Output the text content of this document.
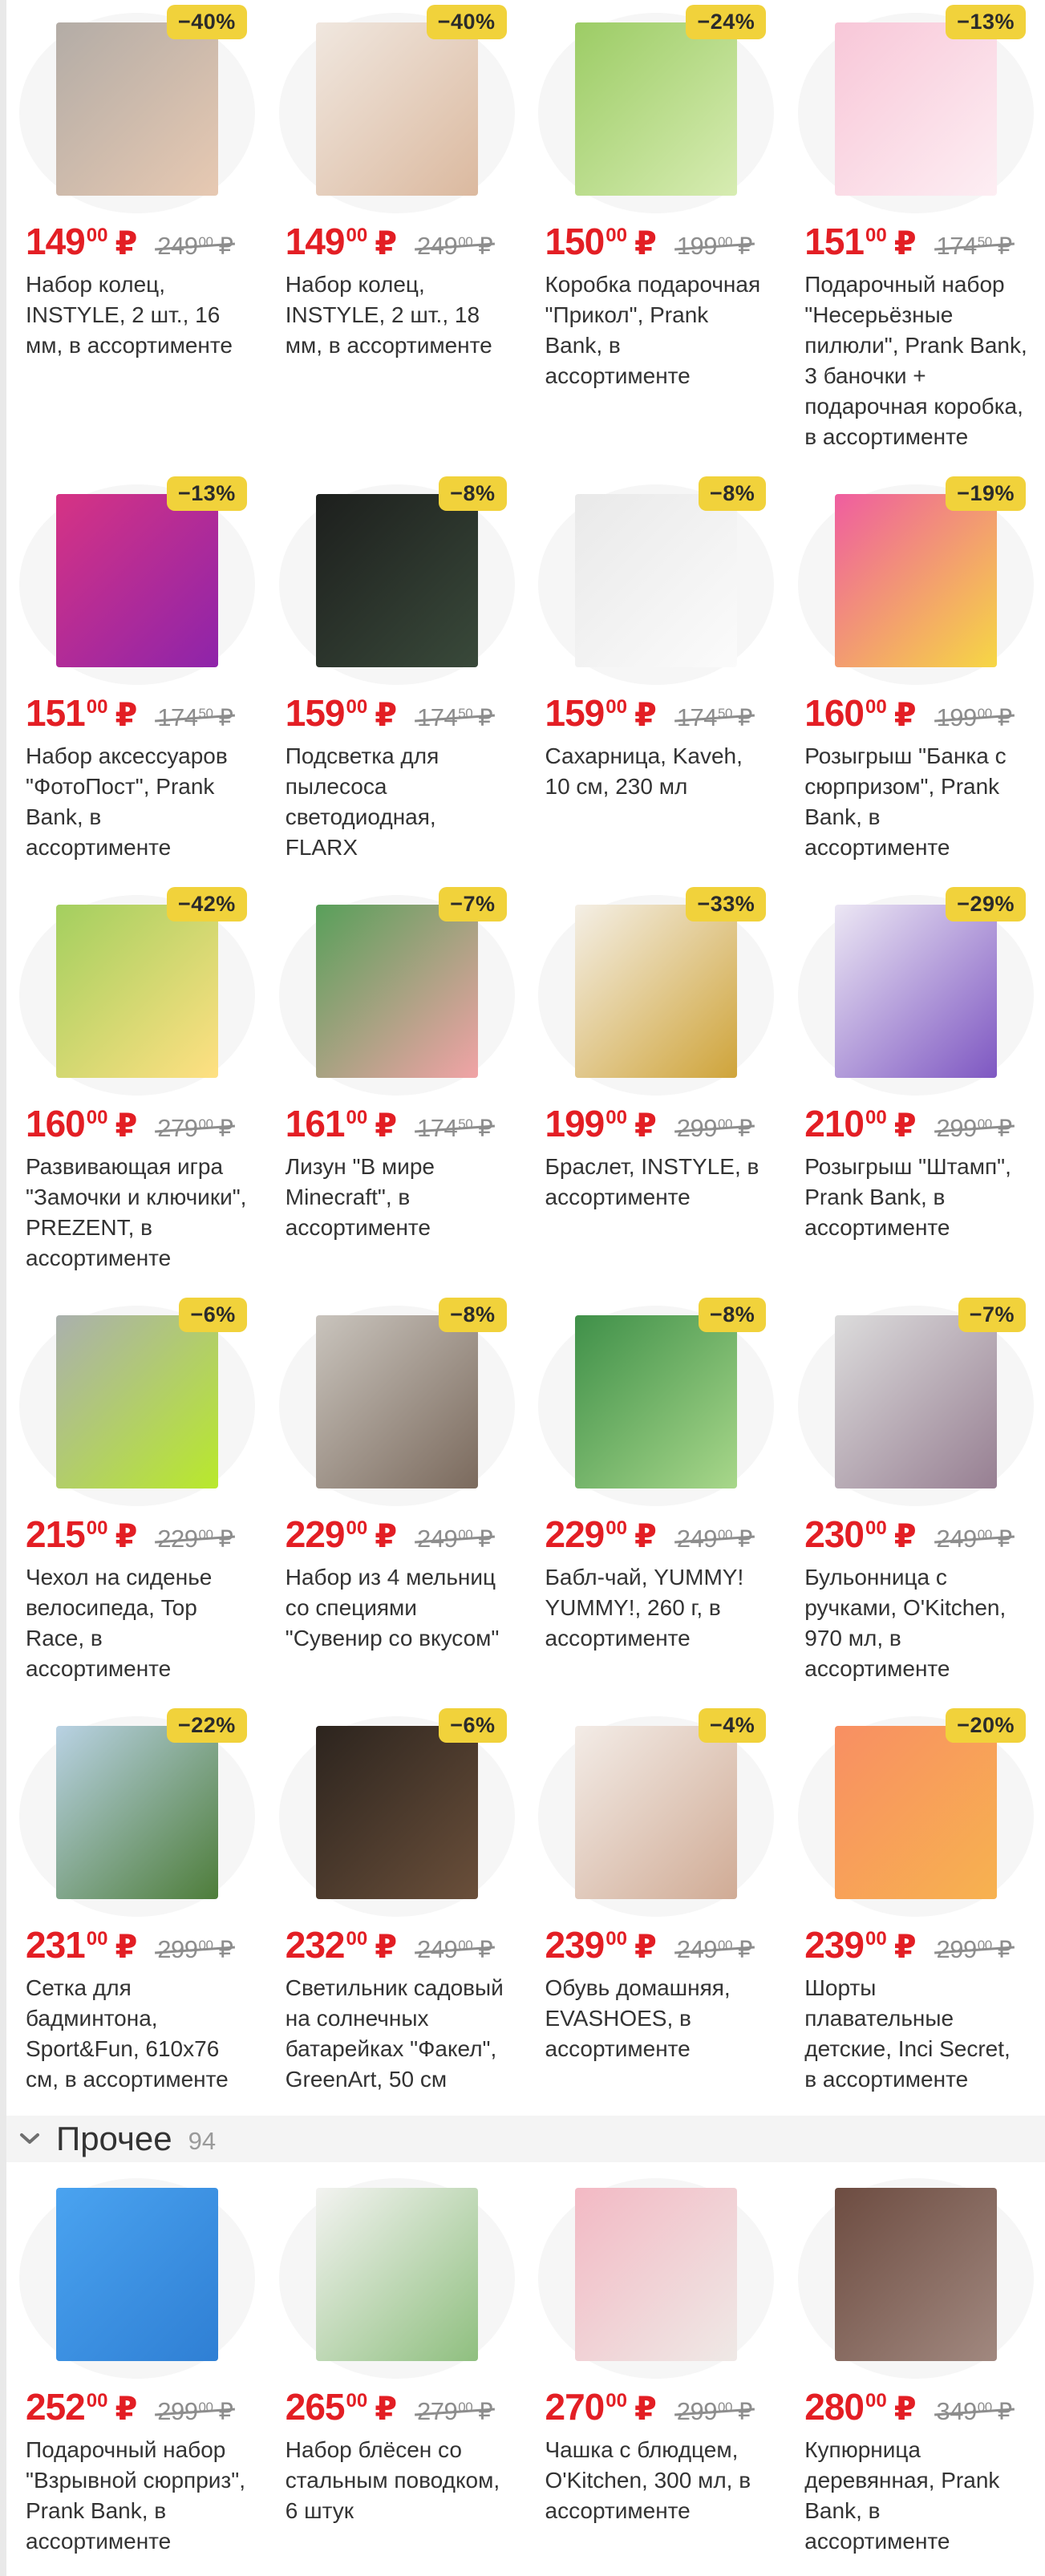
−40%
$149^{00}$ ₽ $249^{00}$ ₽
Набор колец, INSTYLE, 2 шт., 16 мм, в ассортименте
−40%
$149^{00}$ ₽ $249^{00}$ ₽
Набор колец, INSTYLE, 2 шт., 18 мм, в ассортименте
−24%
$150^{00}$ ₽ $199^{00}$ ₽
Коробка подарочная "Прикол", Prank Bank, в ассортименте
−13%
$151^{00}$ ₽ $174^{50}$ ₽
Подарочный набор "Несерьёзные пилюли", Prank Bank, 3 баночки + подарочная коробка, в ассортименте
−13%
$151^{00}$ ₽ $174^{50}$ ₽
Набор аксессуаров "ФотоПост", Prank Bank, в ассортименте
−8%
$159^{00}$ ₽ $174^{50}$ ₽
Подсветка для пылесоса светодиодная, FLARX
−8%
$159^{00}$ ₽ $174^{50}$ ₽
Сахарница, Kaveh, 10 см, 230 мл
−19%
$160^{00}$ ₽ $199^{00}$ ₽
Розыгрыш "Банка с сюрпризом", Prank Bank, в ассортименте
−42%
$160^{00}$ ₽ $279^{00}$ ₽
Развивающая игра "Замочки и ключики", PREZENT, в ассортименте
−7%
$161^{00}$ ₽ $174^{50}$ ₽
Лизун "В мире Minecraft", в ассортименте
−33%
$199^{00}$ ₽ $299^{00}$ ₽
Браслет, INSTYLE, в ассортименте
−29%
$210^{00}$ ₽ $299^{00}$ ₽
Розыгрыш "Штамп", Prank Bank, в ассортименте
−6%
$215^{00}$ ₽ $229^{00}$ ₽
Чехол на сиденье велосипеда, Top Race, в ассортименте
−8%
$229^{00}$ ₽ $249^{00}$ ₽
Набор из 4 мельниц со специями "Сувенир со вкусом"
−8%
$229^{00}$ ₽ $249^{00}$ ₽
Бабл-чай, YUMMY! YUMMY!, 260 г, в ассортименте
−7%
$230^{00}$ ₽ $249^{00}$ ₽
Бульонница с ручками, O'Kitchen, 970 мл, в ассортименте
−22%
$231^{00}$ ₽ $299^{00}$ ₽
Сетка для бадминтона, Sport&Fun, 610x76 см, в ассортименте
−6%
$232^{00}$ ₽ $249^{00}$ ₽
Светильник садовый на солнечных батарейках "Факел", GreenArt, 50 см
−4%
$239^{00}$ ₽ $249^{00}$ ₽
Обувь домашняя, EVASHOES, в ассортименте
−20%
$239^{00}$ ₽ $299^{00}$ ₽
Шорты плавательные детские, Inci Secret, в ассортименте
Прочее 94
$252^{00}$ ₽ $299^{00}$ ₽
Подарочный набор "Взрывной сюрприз", Prank Bank, в ассортименте
$265^{00}$ ₽ $279^{00}$ ₽
Набор блёсен со стальным поводком, 6 штук
$270^{00}$ ₽ $299^{00}$ ₽
Чашка с блюдцем, O'Kitchen, 300 мл, в ассортименте
$280^{00}$ ₽ $349^{00}$ ₽
Купюрница деревянная, Prank Bank, в ассортименте
